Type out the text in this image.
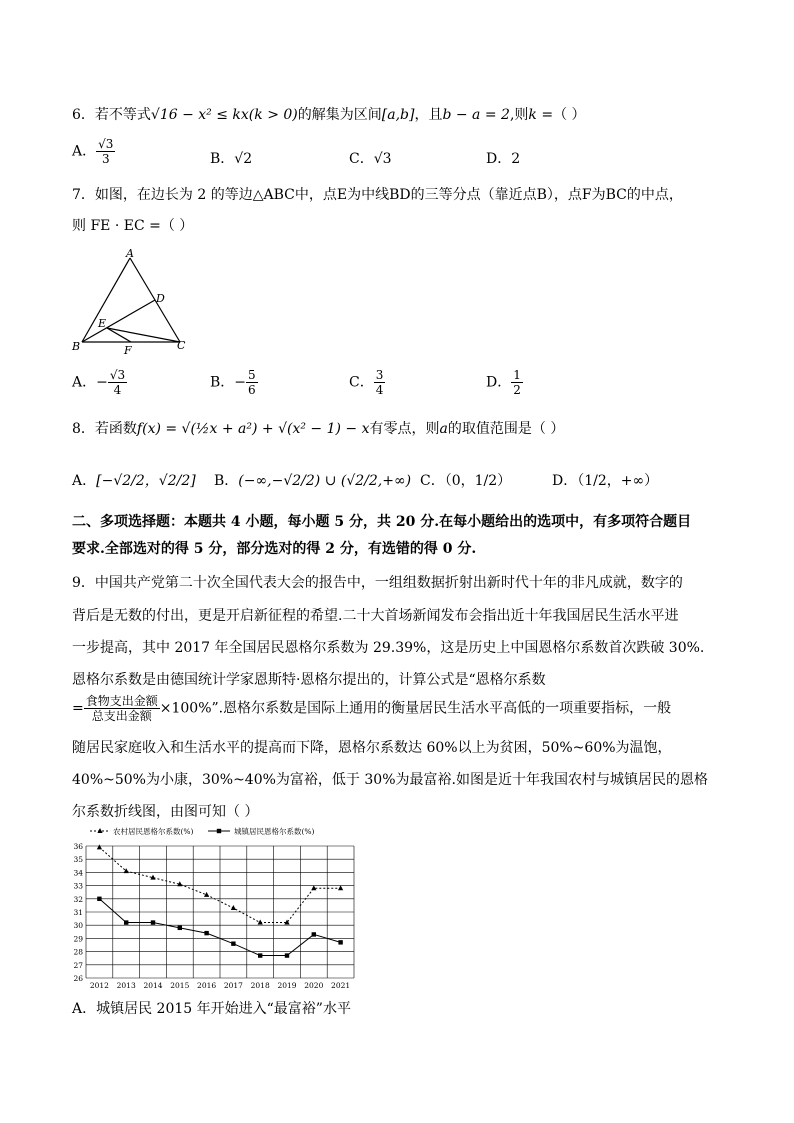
6．若不等式√16 − x² ≤ kx(k > 0)的解集为区间[a,b]，且b − a = 2,则k =（ ）
A． $\frac{√3}{3}$	B．√2	C．√3	D．2
7．如图，在边长为 2 的等边△ABC中，点E为中线BD的三等分点（靠近点B），点F为BC的中点，
则 FE · EC =（ ）
A
B	C
D
E
F
A．− $\frac{√3}{4}$	B．− $\frac{5}{6}$	C． $\frac{3}{4}$	D． $\frac{1}{2}$
8．若函数f(x) = √(½x + a²) + √(x² − 1) − x有零点，则a的取值范围是（ ）
A．[−√2/2，√2/2] B．(−∞,−√2/2) ∪ (√2/2,+∞) C．（0，1/2）	D．（1/2，+∞）
二、多项选择题：本题共 4 小题，每小题 5 分，共 20 分.在每小题给出的选项中，有多项符合题目
要求.全部选对的得 5 分，部分选对的得 2 分，有选错的得 0 分.
9．中国共产党第二十次全国代表大会的报告中，一组组数据折射出新时代十年的非凡成就，数字的
背后是无数的付出，更是开启新征程的希望.二十大首场新闻发布会指出近十年我国居民生活水平进
一步提高，其中 2017 年全国居民恩格尔系数为 29.39%，这是历史上中国恩格尔系数首次跌破 30%.
恩格尔系数是由德国统计学家恩斯特·恩格尔提出的，计算公式是“恩格尔系数
= $\frac{\text{食物支出金额}}{\text{总支出金额}} \times 100\%$”.恩格尔系数是国际上通用的衡量居民生活水平高低的一项重要指标，一般
随居民家庭收入和生活水平的提高而下降，恩格尔系数达 60%以上为贫困，50%~60%为温饱，
40%~50%为小康，30%~40%为富裕，低于 30%为最富裕.如图是近十年我国农村与城镇居民的恩格
尔系数折线图，由图可知（ ）
26
27
28
29
30
31
32
33
34
35
36
2012 2013 2014 2015 2016 2017 2018 2019 2020 2021
农村居民恩格尔系数(%)	城镇居民恩格尔系数(%)
A．城镇居民 2015 年开始进入“最富裕”水平
